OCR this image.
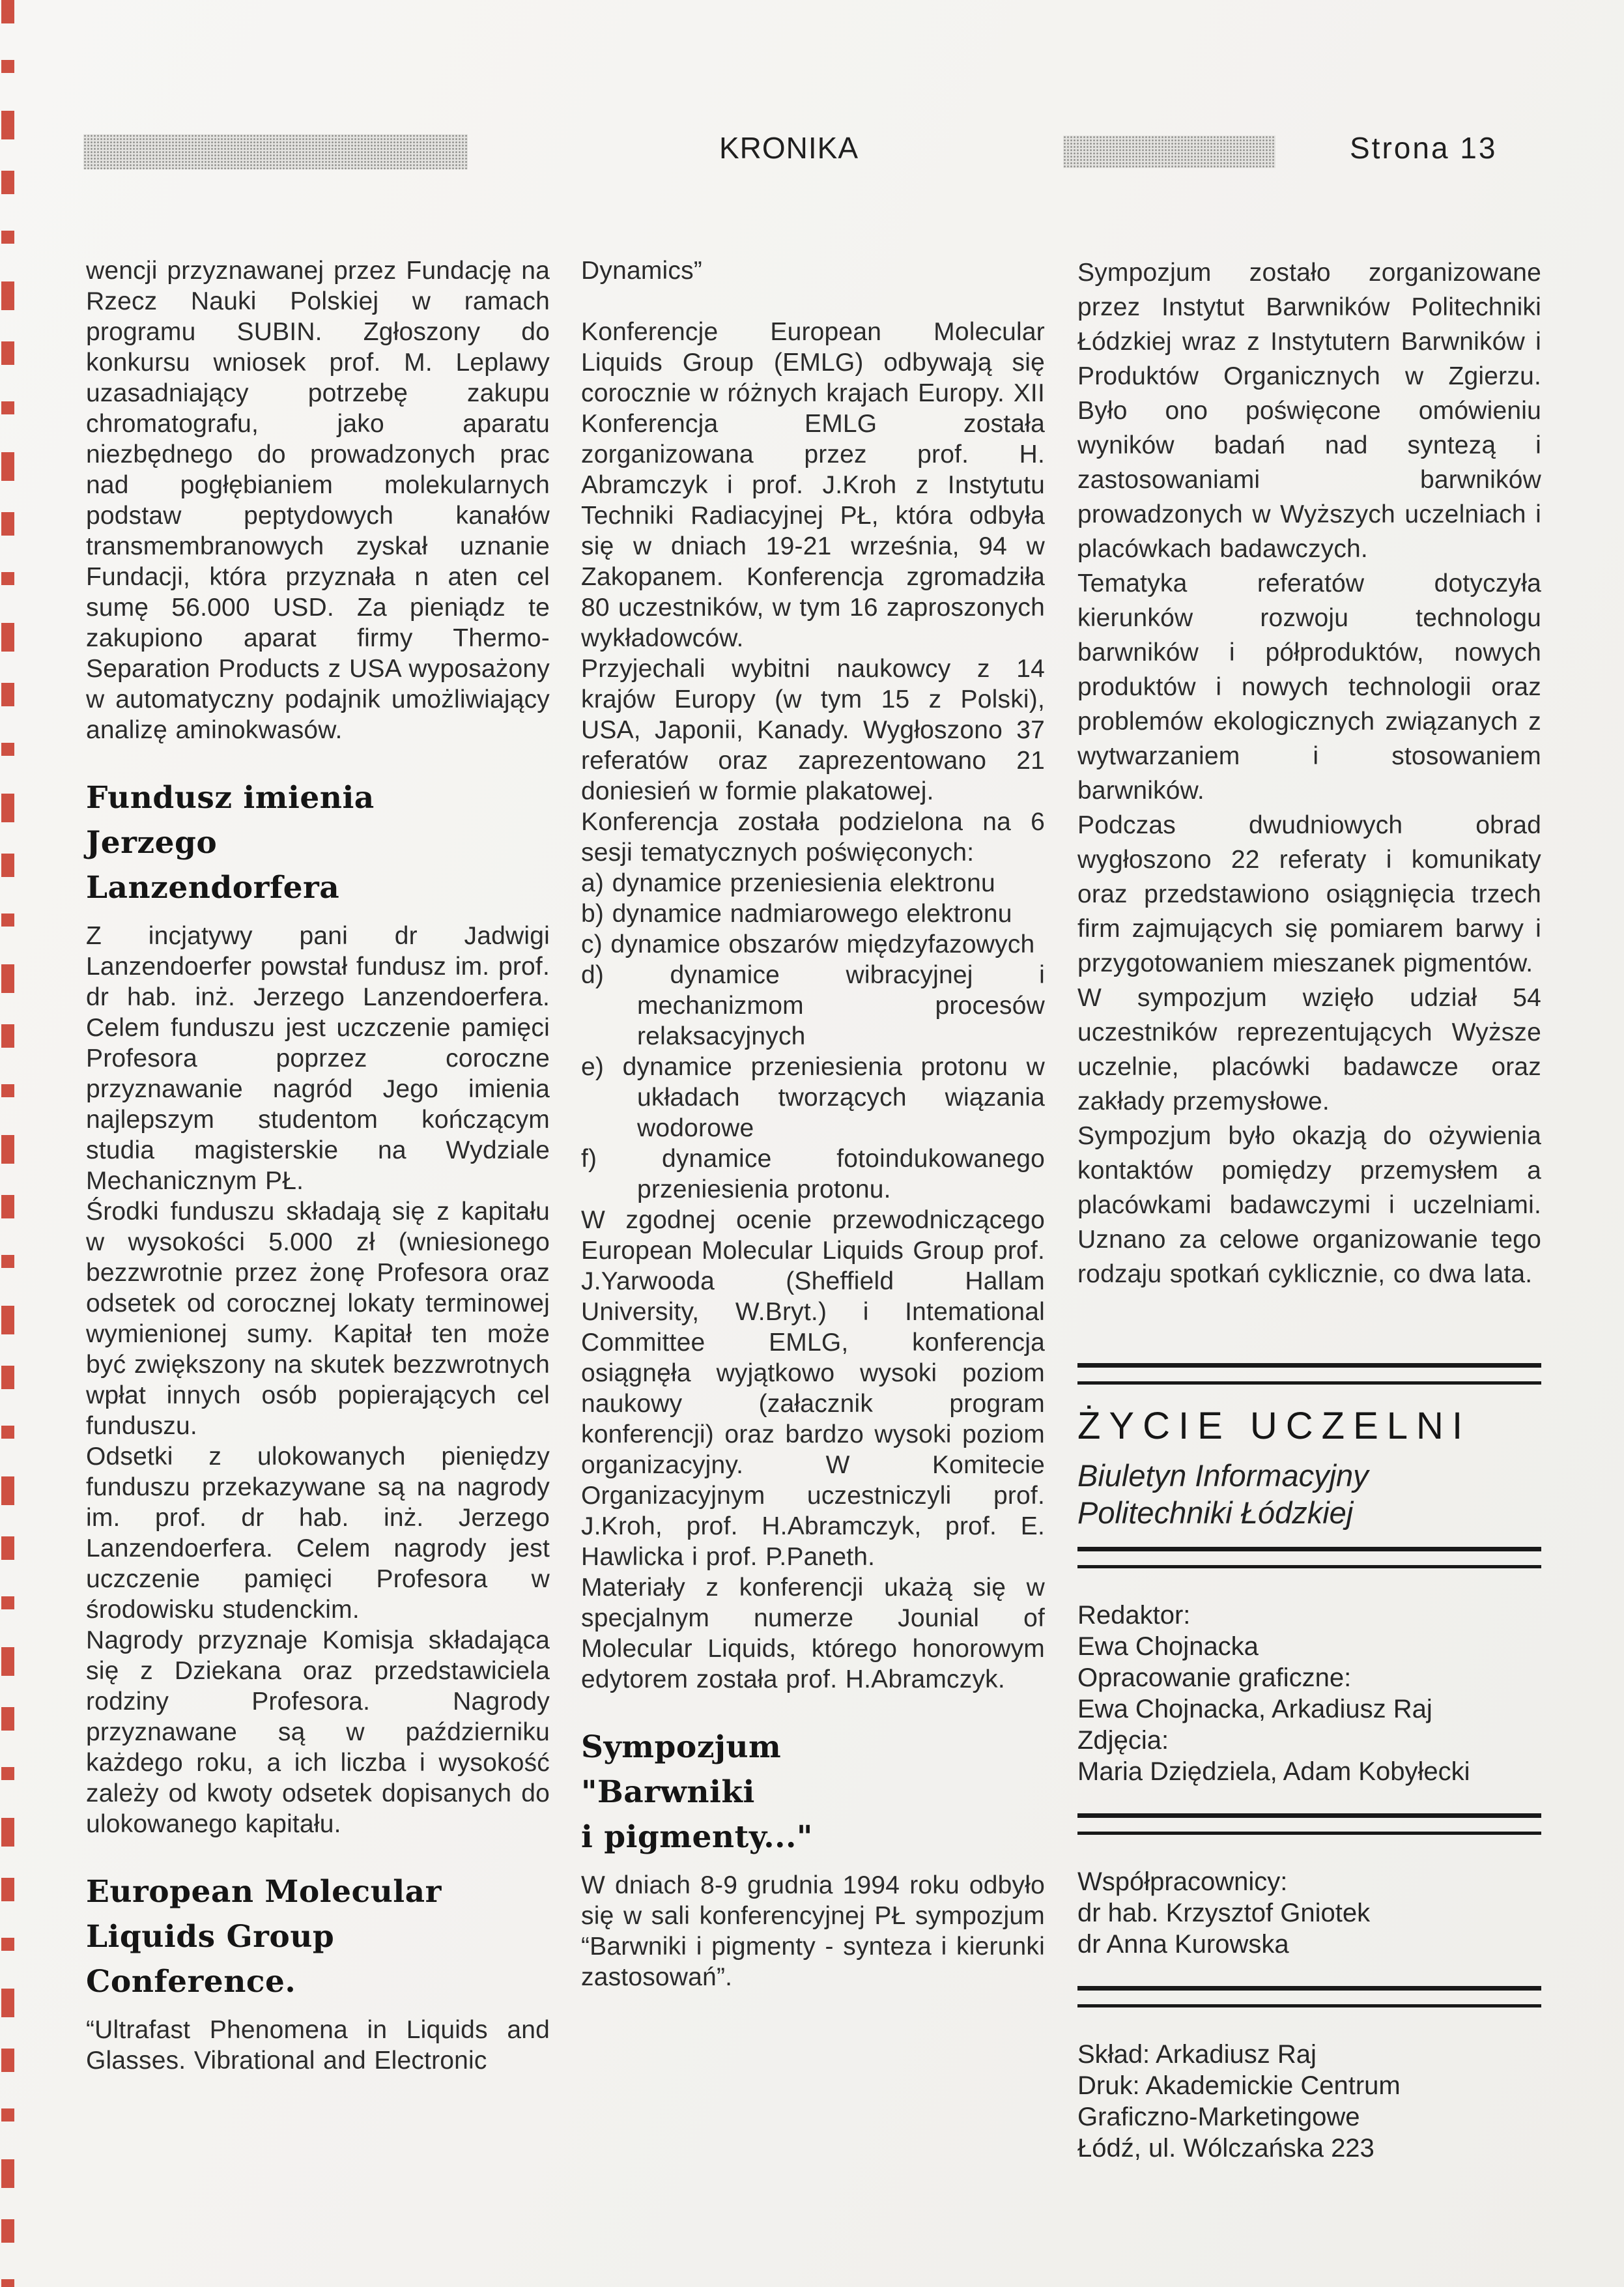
KRONIKA	Strona 13

wencji przyznawanej przez Fundację na Rzecz Nauki Polskiej w ramach programu SUBIN. Zgłoszony do konkursu wniosek prof. M. Leplawy uzasadniający potrzebę zakupu chromatografu, jako aparatu niezbędnego do prowadzonych prac nad pogłębianiem molekularnych podstaw peptydowych kanałów transmembranowych zyskał uznanie Fundacji, która przyznała n aten cel sumę 56.000 USD. Za pieniądz te zakupiono aparat firmy Thermo-Separation Products z USA wyposażony w automatyczny podajnik umożliwiający analizę aminokwasów.

Fundusz imienia
Jerzego
Lanzendorfera

Z incjatywy pani dr Jadwigi Lanzendoerfer powstał fundusz im. prof. dr hab. inż. Jerzego Lanzendoerfera. Celem funduszu jest uczczenie pamięci Profesora poprzez coroczne przyznawanie nagród Jego imienia najlepszym studentom kończącym studia magisterskie na Wydziale Mechanicznym PŁ.

Środki funduszu składają się z kapitału w wysokości 5.000 zł (wniesionego bezzwrotnie przez żonę Profesora oraz odsetek od corocznej lokaty terminowej wymienionej sumy. Kapitał ten może być zwiększony na skutek bezzwrotnych wpłat innych osób popierających cel funduszu.

Odsetki z ulokowanych pieniędzy funduszu przekazywane są na nagrody im. prof. dr hab. inż. Jerzego Lanzendoerfera. Celem nagrody jest uczczenie pamięci Profesora w środowisku studenckim.

Nagrody przyznaje Komisja składająca się z Dziekana oraz przedstawiciela rodziny Profesora. Nagrody przyznawane są w październiku każdego roku, a ich liczba i wysokość zależy od kwoty odsetek dopisanych do ulokowanego kapitału.

European Molecular
Liquids Group
Conference.

“Ultrafast Phenomena in Liquids and Glasses. Vibrational and Electronic

Dynamics”

Konferencje European Molecular Liquids Group (EMLG) odbywają się corocznie w różnych krajach Europy. XII Konferencja EMLG została zorganizowana przez prof. H. Abramczyk i prof. J.Kroh z Instytutu Techniki Radiacyjnej PŁ, która odbyła się w dniach 19-21 września, 94 w Zakopanem. Konferencja zgromadziła 80 uczestników, w tym 16 zaproszonych wykładowców.

Przyjechali wybitni naukowcy z 14 krajów Europy (w tym 15 z Polski), USA, Japonii, Kanady. Wygłoszono 37 referatów oraz zaprezentowano 21 doniesień w formie plakatowej.

Konferencja została podzielona na 6 sesji tematycznych poświęconych:

a) dynamice przeniesienia elektronu

b) dynamice nadmiarowego elektronu

c) dynamice obszarów międzyfazowych

d) dynamice wibracyjnej i mechanizmom procesów relaksacyjnych

e) dynamice przeniesienia protonu w układach tworzących wiązania wodorowe

f) dynamice fotoindukowanego przeniesienia protonu.

W zgodnej ocenie przewodniczącego European Molecular Liquids Group prof. J.Yarwooda (Sheffield Hallam University, W.Bryt.) i Intemational Committee EMLG, konferencja osiągnęła wyjątkowo wysoki poziom naukowy (załacznik program konferencji) oraz bardzo wysoki poziom organizacyjny. W Komitecie Organizacyjnym uczestniczyli prof. J.Kroh, prof. H.Abramczyk, prof. E. Hawlicka i prof. P.Paneth.

Materiały z konferencji ukażą się w specjalnym numerze Jounial of Molecular Liquids, którego honorowym edytorem została prof. H.Abramczyk.

Sympozjum
"Barwniki
i pigmenty..."

W dniach 8-9 grudnia 1994 roku odbyło się w sali konferencyjnej PŁ sympozjum “Barwniki i pigmenty - synteza i kierunki zastosowań”.

Sympozjum zostało zorganizowane przez Instytut Barwników Politechniki Łódzkiej wraz z Instytutern Barwników i Produktów Organicznych w Zgierzu. Było ono poświęcone omówieniu wyników badań nad syntezą i zastosowaniami barwników prowadzonych w Wyższych uczelniach i placówkach badawczych.

Tematyka referatów dotyczyła kierunków rozwoju technologu barwników i półproduktów, nowych produktów i nowych technologii oraz problemów ekologicznych związanych z wytwarzaniem i stosowaniem barwników.

Podczas dwudniowych obrad wygłoszono 22 referaty i komunikaty oraz przedstawiono osiągnięcia trzech firm zajmujących się pomiarem barwy i przygotowaniem mieszanek pigmentów.

W sympozjum wzięło udział 54 uczestników reprezentujących Wyższe uczelnie, placówki badawcze oraz zakłady przemysłowe.

Sympozjum było okazją do ożywienia kontaktów pomiędzy przemysłem a placówkami badawczymi i uczelniami. Uznano za celowe organizowanie tego rodzaju spotkań cyklicznie, co dwa lata.

ŻYCIE UCZELNI
Biuletyn Informacyjny
Politechniki Łódzkiej
Redaktor:
Ewa Chojnacka
Opracowanie graficzne:
Ewa Chojnacka, Arkadiusz Raj
Zdjęcia:
Maria Dziędziela, Adam Kobyłecki
Współpracownicy:
dr hab. Krzysztof Gniotek
dr Anna Kurowska
Skład: Arkadiusz Raj
Druk: Akademickie Centrum
Graficzno-Marketingowe
Łódź, ul. Wólczańska 223
